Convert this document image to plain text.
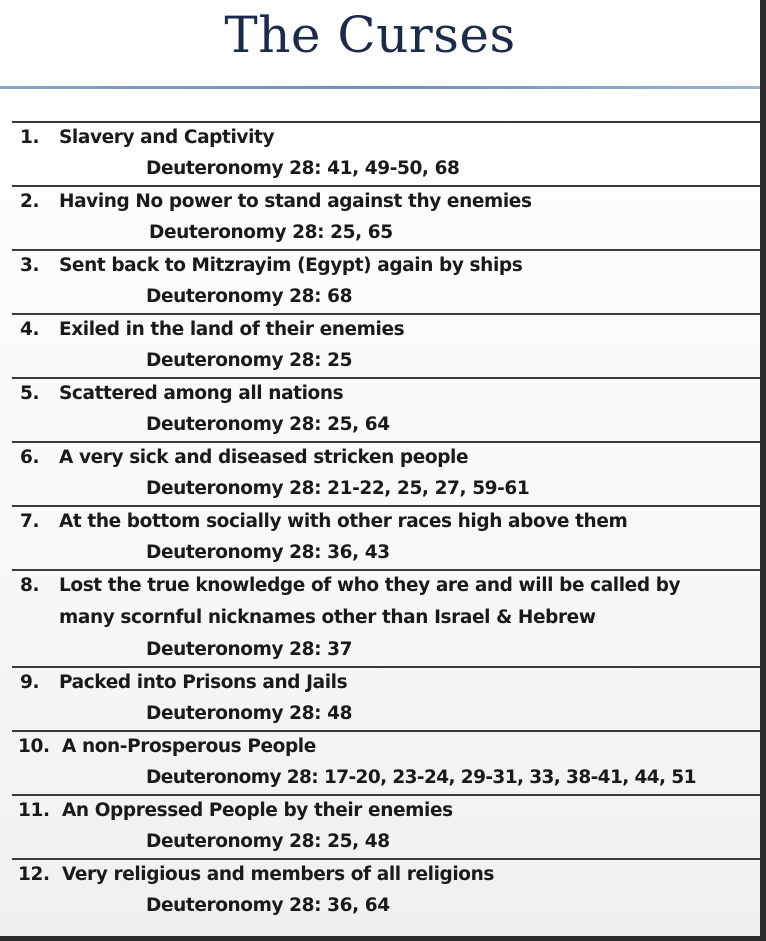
The Curses
1. Slavery and Captivity
Deuteronomy 28: 41, 49-50, 68
2. Having No power to stand against thy enemies
Deuteronomy 28: 25, 65
3. Sent back to Mitzrayim (Egypt) again by ships
Deuteronomy 28: 68
4. Exiled in the land of their enemies
Deuteronomy 28: 25
5. Scattered among all nations
Deuteronomy 28: 25, 64
6. A very sick and diseased stricken people
Deuteronomy 28: 21-22, 25, 27, 59-61
7. At the bottom socially with other races high above them
Deuteronomy 28: 36, 43
8. Lost the true knowledge of who they are and will be called by
many scornful nicknames other than Israel & Hebrew
Deuteronomy 28: 37
9. Packed into Prisons and Jails
Deuteronomy 28: 48
10. A non-Prosperous People
Deuteronomy 28: 17-20, 23-24, 29-31, 33, 38-41, 44, 51
11. An Oppressed People by their enemies
Deuteronomy 28: 25, 48
12. Very religious and members of all religions
Deuteronomy 28: 36, 64
